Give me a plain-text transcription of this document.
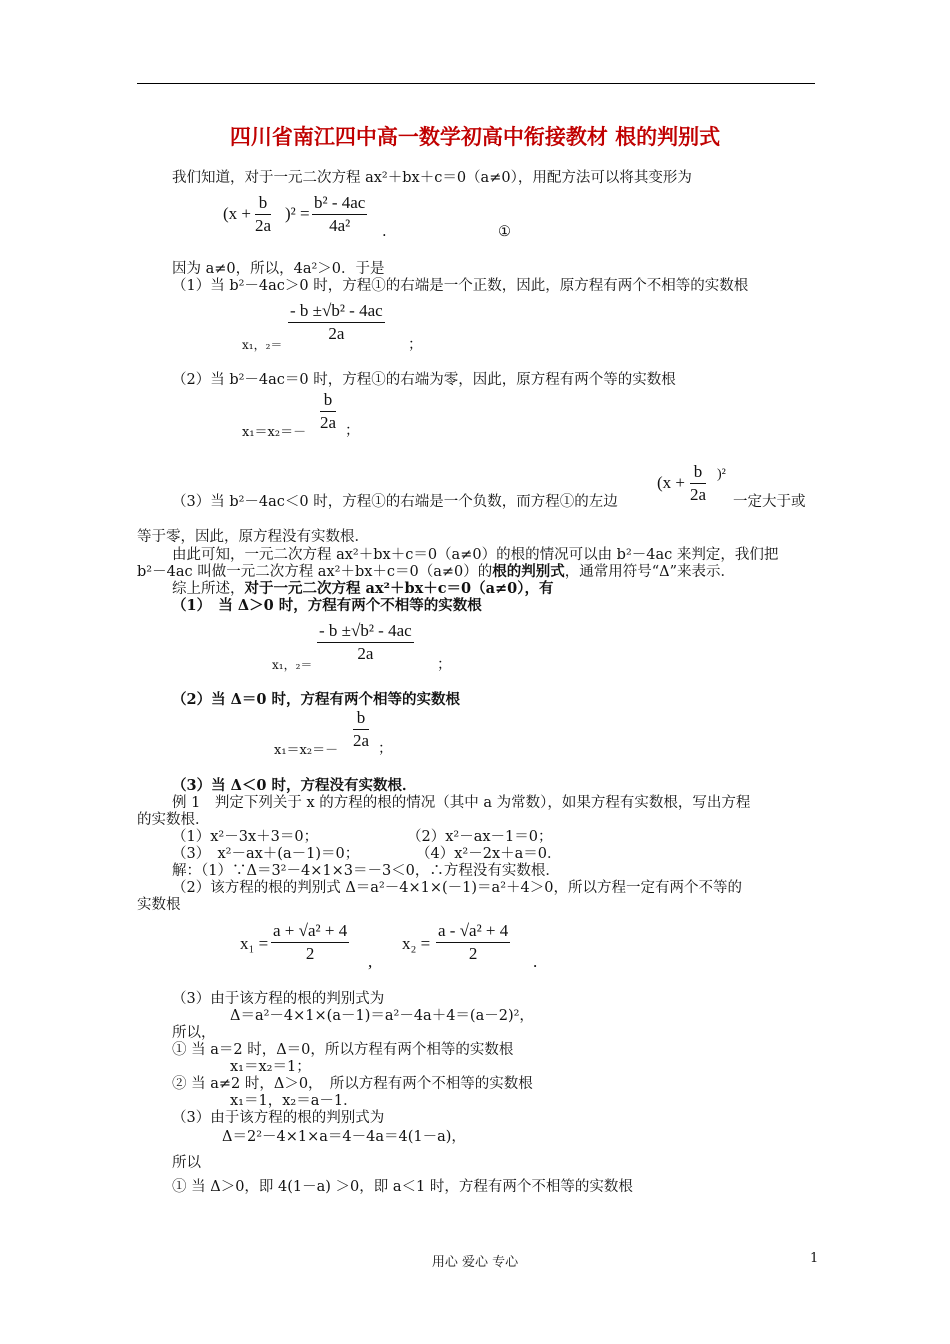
四川省南江四中高一数学初高中衔接教材 根的判别式
我们知道，对于一元二次方程 ax²＋bx＋c＝0（a≠0），用配方法可以将其变形为
$(x + \frac{b}{2a} )^2 = \frac{\text{b² - 4ac}}{\text{4a²}}$ .	①
因为 a≠0，所以，4a²＞0．于是
（1）当 b²－4ac＞0 时，方程①的右端是一个正数，因此，原方程有两个不相等的实数根
x₁，$_2= \frac{\text{- b ±√b² - 4ac}}{2a}$ ；
（2）当 b²－4ac＝0 时，方程①的右端为零，因此，原方程有两个等的实数根
$x_1=x_2=- \frac{b}{2a}$ ；
（3）当 b²－4ac＜0 时，方程①的右端是一个负数，而方程①的左边
$(x + \frac{b}{2a} )^2$
一定大于或
等于零，因此，原方程没有实数根．
由此可知，一元二次方程 ax²＋bx＋c＝0（a≠0）的根的情况可以由 b²－4ac 来判定，我们把
b²－4ac 叫做一元二次方程 ax²＋bx＋c＝0（a≠0）的根的判别式，通常用符号“Δ”来表示．
综上所述，对于一元二次方程 ax²＋bx＋c＝0（a≠0），有
（1）　当 Δ＞0 时，方程有两个不相等的实数根
x₁，$_2= \frac{\text{- b ±√b² - 4ac}}{2a}$ ；
（2）当 Δ＝0 时，方程有两个相等的实数根
$x_1=x_2=- \frac{b}{2a}$ ；
（3）当 Δ＜0 时，方程没有实数根．
例 1　判定下列关于 x 的方程的根的情况（其中 a 为常数），如果方程有实数根，写出方程
的实数根．
（1）x²－3x＋3＝0；	（2）x²－ax－1＝0；
（3）　x²－ax＋(a－1)＝0；	（4）x²－2x＋a＝0．
解：（1）∵Δ＝3²－4×1×3＝－3＜0，∴方程没有实数根．
（2）该方程的根的判别式 Δ＝a²－4×1×(－1)＝a²＋4＞0，所以方程一定有两个不等的
实数根
$x_1 = \frac{\text{a + √a² + 4}}{2}$ ,
$x_2 = \frac{\text{a - √a² + 4}}{2}$ .
（3）由于该方程的根的判别式为
Δ＝a²－4×1×(a－1)＝a²－4a＋4＝(a－2)²，
所以，
① 当 a＝2 时，Δ＝0，所以方程有两个相等的实数根
x₁＝x₂＝1；
② 当 a≠2 时，Δ＞0，　所以方程有两个不相等的实数根
x₁＝1，x₂＝a－1．
（3）由于该方程的根的判别式为
Δ＝2²－4×1×a＝4－4a＝4(1－a)，
所以
① 当 Δ＞0，即 4(1－a) ＞0，即 a＜1 时，方程有两个不相等的实数根
用心 爱心 专心	1
